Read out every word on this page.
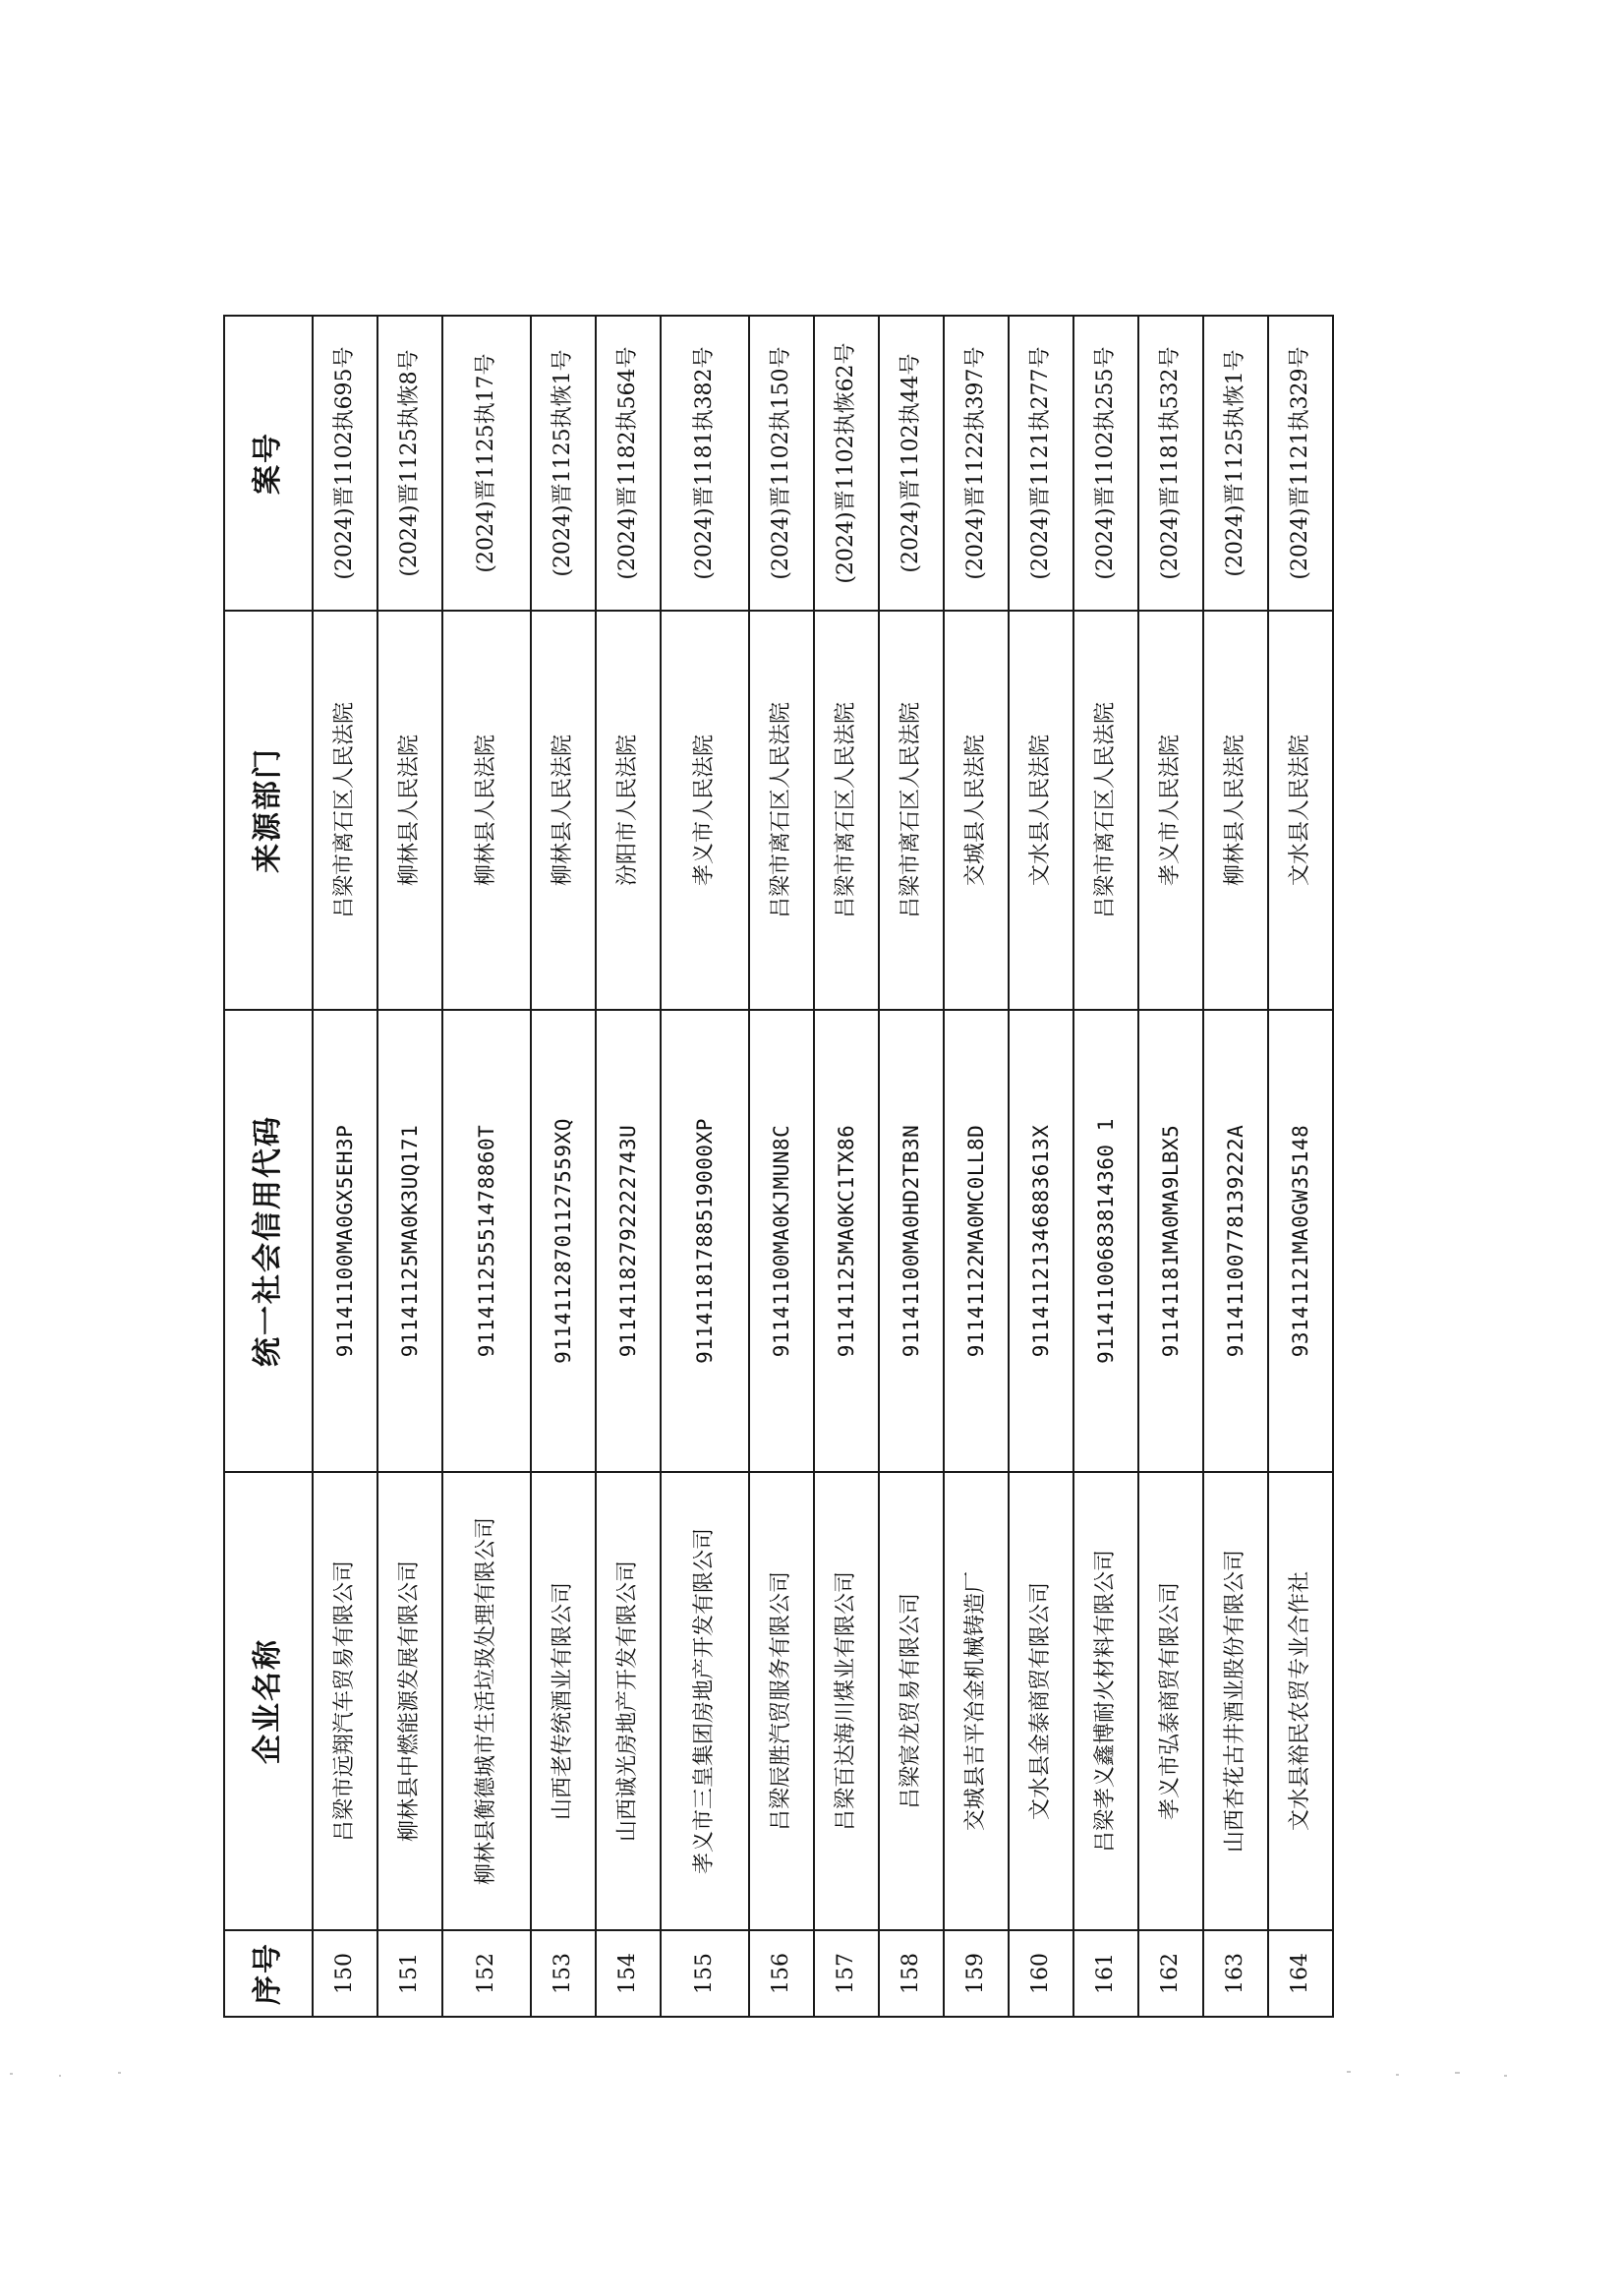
序号	企业名称	统一社会信用代码	来源部门	案号
150	吕梁市远翔汽车贸易有限公司	91141100MA0GX5EH3P	吕梁市离石区人民法院	(2024)晋1102执695号
151	柳林县中燃能源发展有限公司	91141125MA0K3UQ171	柳林县人民法院	(2024)晋1125执恢8号
152	柳林县衡德城市生活垃圾处理有限公司	91141125551478860T	柳林县人民法院	(2024)晋1125执17号
153	山西老传统酒业有限公司	91141128701127559XQ	柳林县人民法院	(2024)晋1125执恢1号
154	山西诚光房地产开发有限公司	91141182792222743U	汾阳市人民法院	(2024)晋1182执564号
155	孝义市三皇集团房地产开发有限公司	91141181788519000XP	孝义市人民法院	(2024)晋1181执382号
156	吕梁辰胜汽贸服务有限公司	91141100MA0KJMUN8C	吕梁市离石区人民法院	(2024)晋1102执150号
157	吕梁百达海川煤业有限公司	91141125MA0KC1TX86	吕梁市离石区人民法院	(2024)晋1102执恢62号
158	吕梁宸龙贸易有限公司	91141100MA0HD2TB3N	吕梁市离石区人民法院	(2024)晋1102执44号
159	交城县吉平冶金机械铸造厂	91141122MA0MC0LL8D	交城县人民法院	(2024)晋1122执397号
160	文水县金泰商贸有限公司	91141121346883613X	文水县人民法院	(2024)晋1121执277号
161	吕梁孝义鑫博耐火材料有限公司	91141100683814360 1	吕梁市离石区人民法院	(2024)晋1102执255号
162	孝义市弘泰商贸有限公司	91141181MA0MA9LBX5	孝义市人民法院	(2024)晋1181执532号
163	山西杏花古井酒业股份有限公司	91141100778139222A	柳林县人民法院	(2024)晋1125执恢1号
164	文水县裕民农贸专业合作社	93141121MA0GW35148	文水县人民法院	(2024)晋1121执329号
